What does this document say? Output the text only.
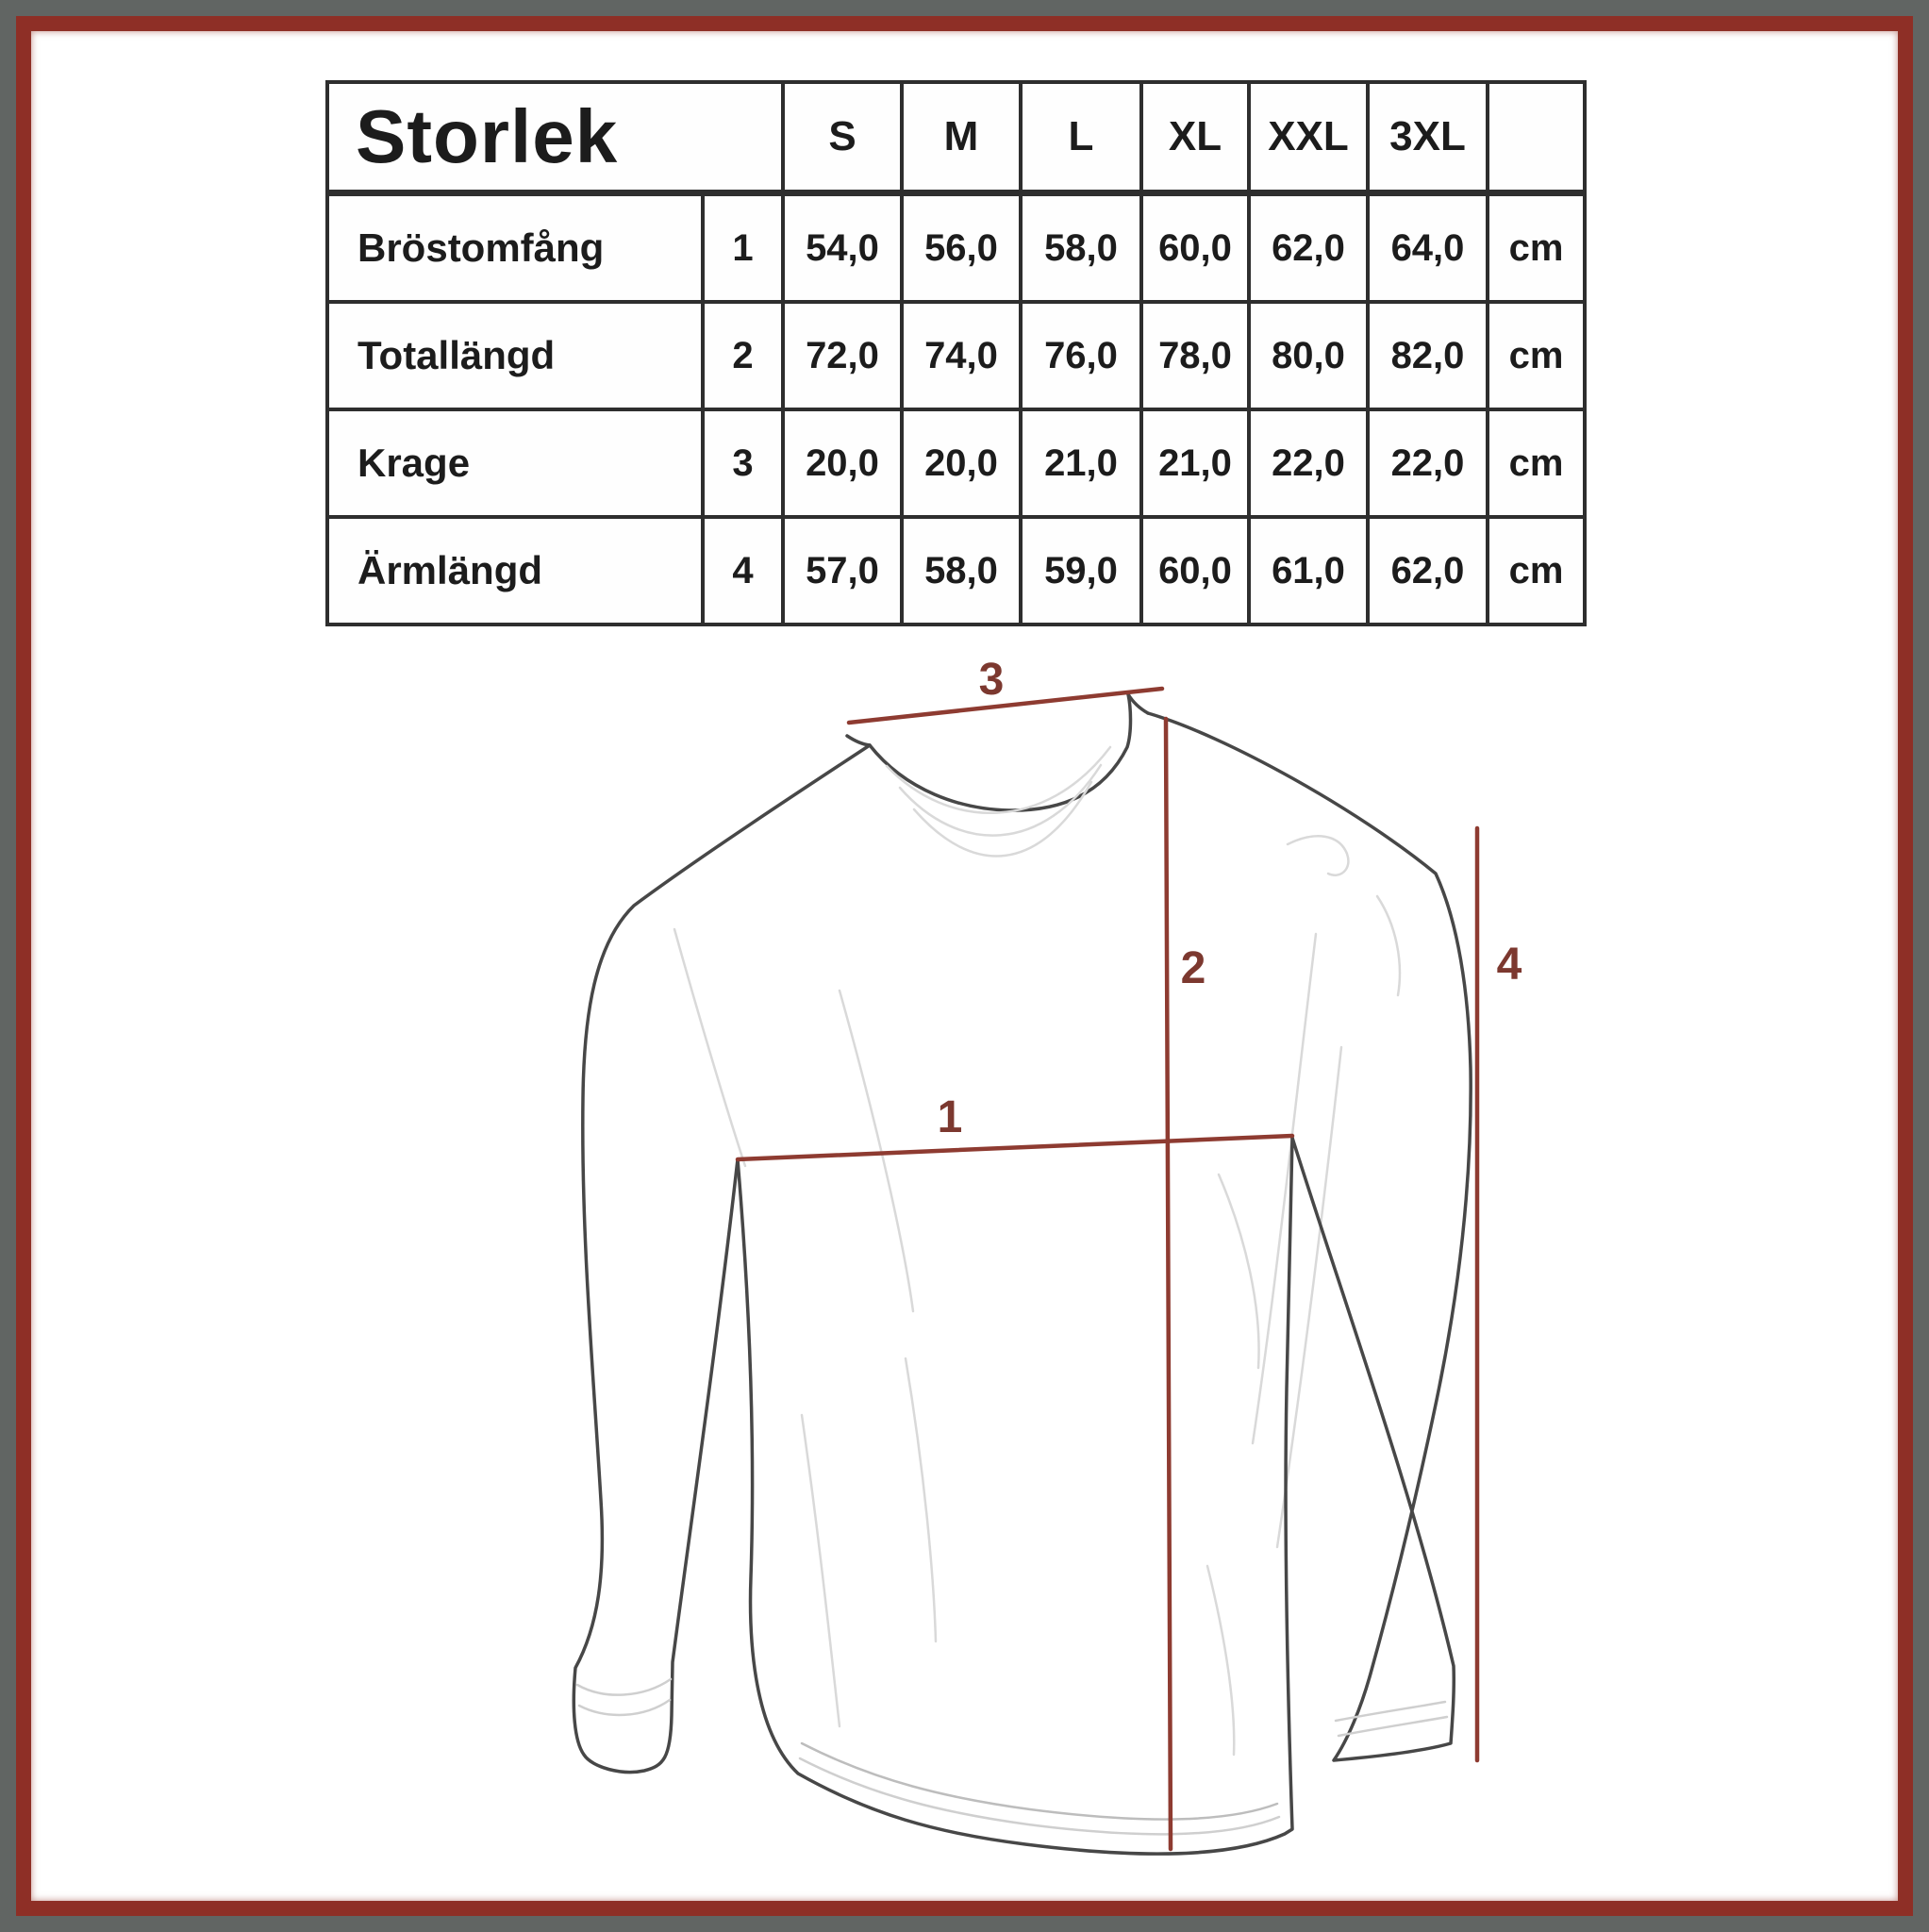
Storlek		S	M	L	XL	XXL	3XL	
Bröstomfång	1	54,0	56,0	58,0	60,0	62,0	64,0	cm
Totallängd	2	72,0	74,0	76,0	78,0	80,0	82,0	cm
Krage	3	20,0	20,0	21,0	21,0	22,0	22,0	cm
Ärmlängd	4	57,0	58,0	59,0	60,0	61,0	62,0	cm
3
2
1
4
